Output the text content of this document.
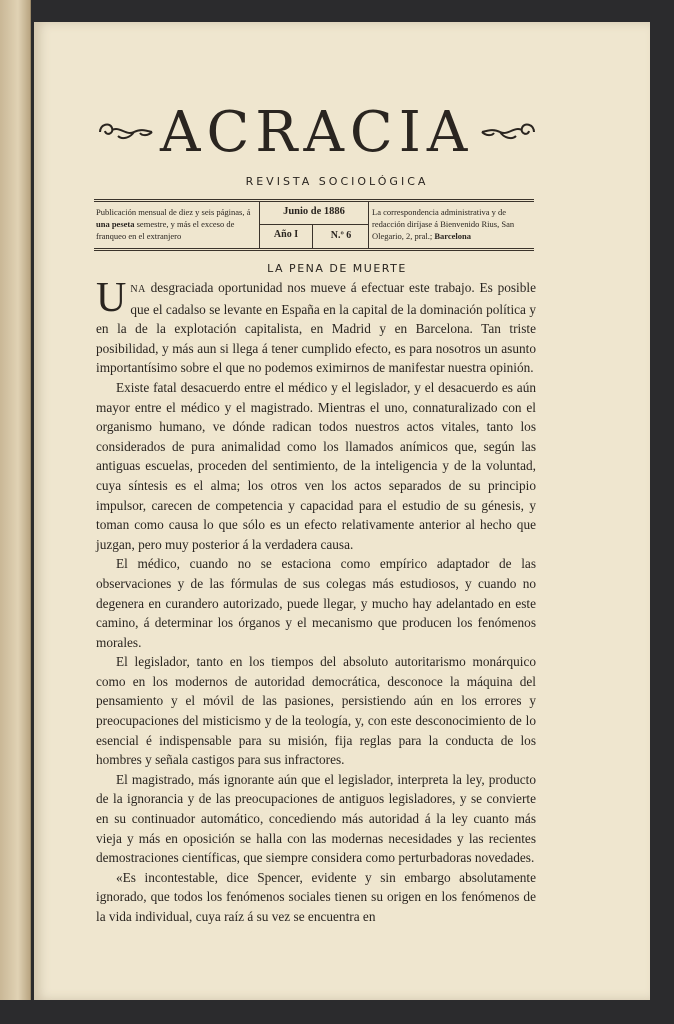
ACRACIA
REVISTA SOCIOLÓGICA
Publicación mensual de diez y seis páginas, á una peseta semestre, y más el exceso de franqueo en el extranjero
Junio de 1886
Año I	N.º 6
La correspondencia administrativa y de redacción diríjase á Bienvenido Rius, San Olegario, 2, pral.; Barcelona
LA PENA DE MUERTE

UNA desgraciada oportunidad nos mueve á efectuar este trabajo. Es posible que el cadalso se levante en España en la capital de la dominación política y en la de la explotación capitalista, en Madrid y en Barcelona. Tan triste posibilidad, y más aun si llega á tener cumplido efecto, es para nosotros un asunto importantísimo sobre el que no podemos eximirnos de manifestar nuestra opinión.

Existe fatal desacuerdo entre el médico y el legislador, y el desacuerdo es aún mayor entre el médico y el magistrado. Mientras el uno, connaturalizado con el organismo humano, ve dónde radican todos nuestros actos vitales, tanto los considerados de pura animalidad como los llamados anímicos que, según las antiguas escuelas, proceden del sentimiento, de la inteligencia y de la voluntad, cuya síntesis es el alma; los otros ven los actos separados de su principio impulsor, carecen de competencia y capacidad para el estudio de su génesis, y toman como causa lo que sólo es un efecto relativamente anterior al hecho que juzgan, pero muy posterior á la verdadera causa.

El médico, cuando no se estaciona como empírico adaptador de las observaciones y de las fórmulas de sus colegas más estudiosos, y cuando no degenera en curandero autorizado, puede llegar, y mucho hay adelantado en este camino, á determinar los órganos y el mecanismo que producen los fenómenos morales.

El legislador, tanto en los tiempos del absoluto autoritarismo monárquico como en los modernos de autoridad democrática, desconoce la máquina del pensamiento y el móvil de las pasiones, persistiendo aún en los errores y preocupaciones del misticismo y de la teología, y, con este desconocimiento de lo esencial é indispensable para su misión, fija reglas para la conducta de los hombres y señala castigos para sus infractores.

El magistrado, más ignorante aún que el legislador, interpreta la ley, producto de la ignorancia y de las preocupaciones de antiguos legisladores, y se convierte en su continuador automático, concediendo más autoridad á la ley cuanto más vieja y más en oposición se halla con las modernas necesidades y las recientes demostraciones científicas, que siempre considera como perturbadoras novedades.

«Es incontestable, dice Spencer, evidente y sin embargo absolutamente ignorado, que todos los fenómenos sociales tienen su origen en los fenómenos de la vida individual, cuya raíz á su vez se encuentra en
